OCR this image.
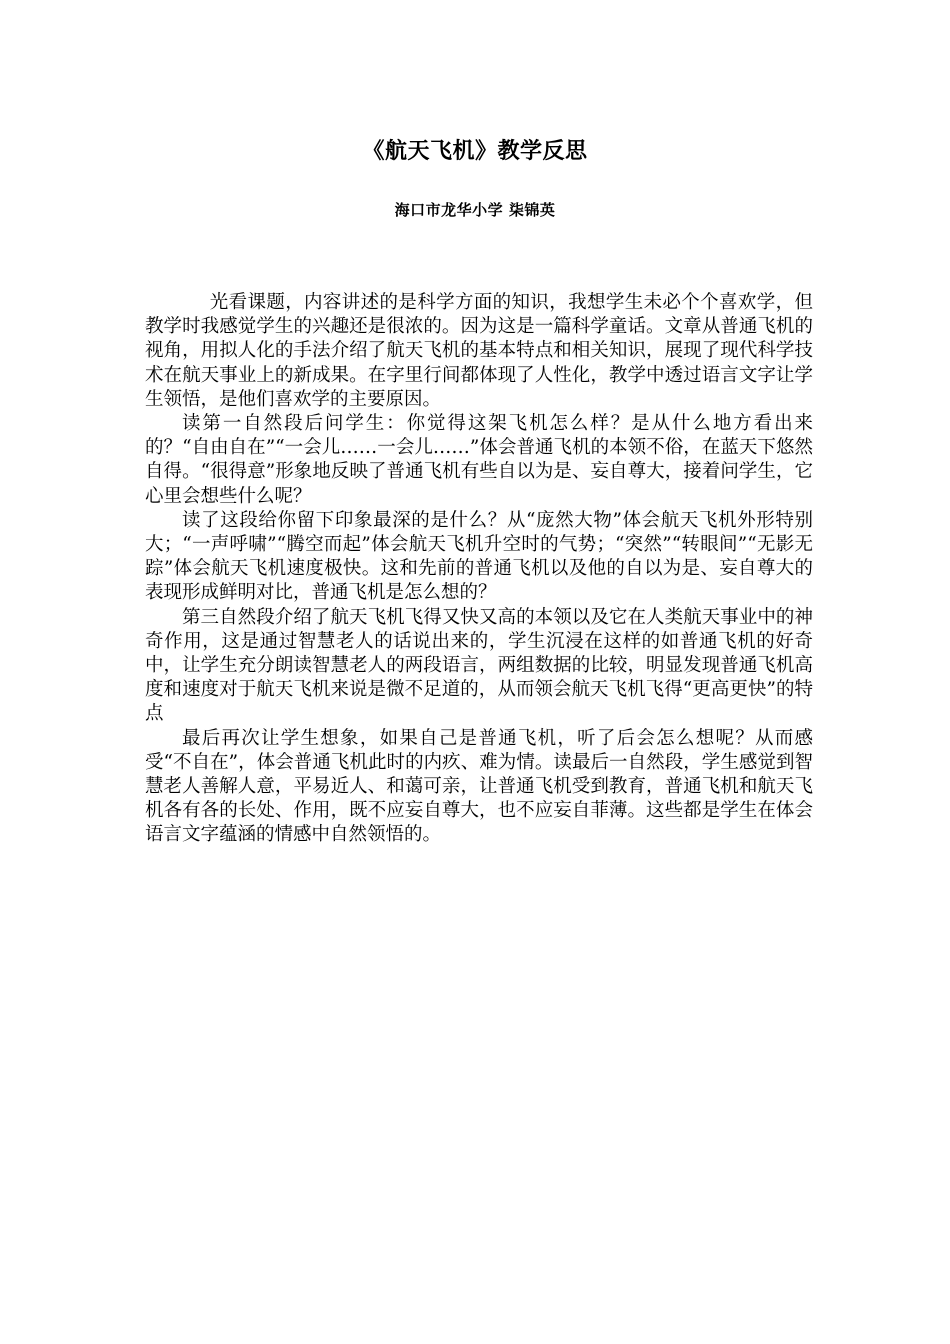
《航天飞机》教学反思
海口市龙华小学 柒锦英

光看课题，内容讲述的是科学方面的知识，我想学生未必个个喜欢学，但教学时我感觉学生的兴趣还是很浓的。因为这是一篇科学童话。文章从普通飞机的视角，用拟人化的手法介绍了航天飞机的基本特点和相关知识，展现了现代科学技术在航天事业上的新成果。在字里行间都体现了人性化，教学中透过语言文字让学生领悟，是他们喜欢学的主要原因。

读第一自然段后问学生：你觉得这架飞机怎么样？是从什么地方看出来的？“自由自在”“一会儿……一会儿……”体会普通飞机的本领不俗，在蓝天下悠然自得。“很得意”形象地反映了普通飞机有些自以为是、妄自尊大，接着问学生，它心里会想些什么呢？

读了这段给你留下印象最深的是什么？从“庞然大物”体会航天飞机外形特别大；“一声呼啸”“腾空而起”体会航天飞机升空时的气势；“突然”“转眼间”“无影无踪”体会航天飞机速度极快。这和先前的普通飞机以及他的自以为是、妄自尊大的表现形成鲜明对比，普通飞机是怎么想的？

第三自然段介绍了航天飞机飞得又快又高的本领以及它在人类航天事业中的神奇作用，这是通过智慧老人的话说出来的，学生沉浸在这样的如普通飞机的好奇中，让学生充分朗读智慧老人的两段语言，两组数据的比较，明显发现普通飞机高度和速度对于航天飞机来说是微不足道的，从而领会航天飞机飞得“更高更快”的特点

最后再次让学生想象，如果自己是普通飞机，听了后会怎么想呢？从而感受“不自在”，体会普通飞机此时的内疚、难为情。读最后一自然段，学生感觉到智慧老人善解人意，平易近人、和蔼可亲，让普通飞机受到教育，普通飞机和航天飞机各有各的长处、作用，既不应妄自尊大，也不应妄自菲薄。这些都是学生在体会语言文字蕴涵的情感中自然领悟的。
